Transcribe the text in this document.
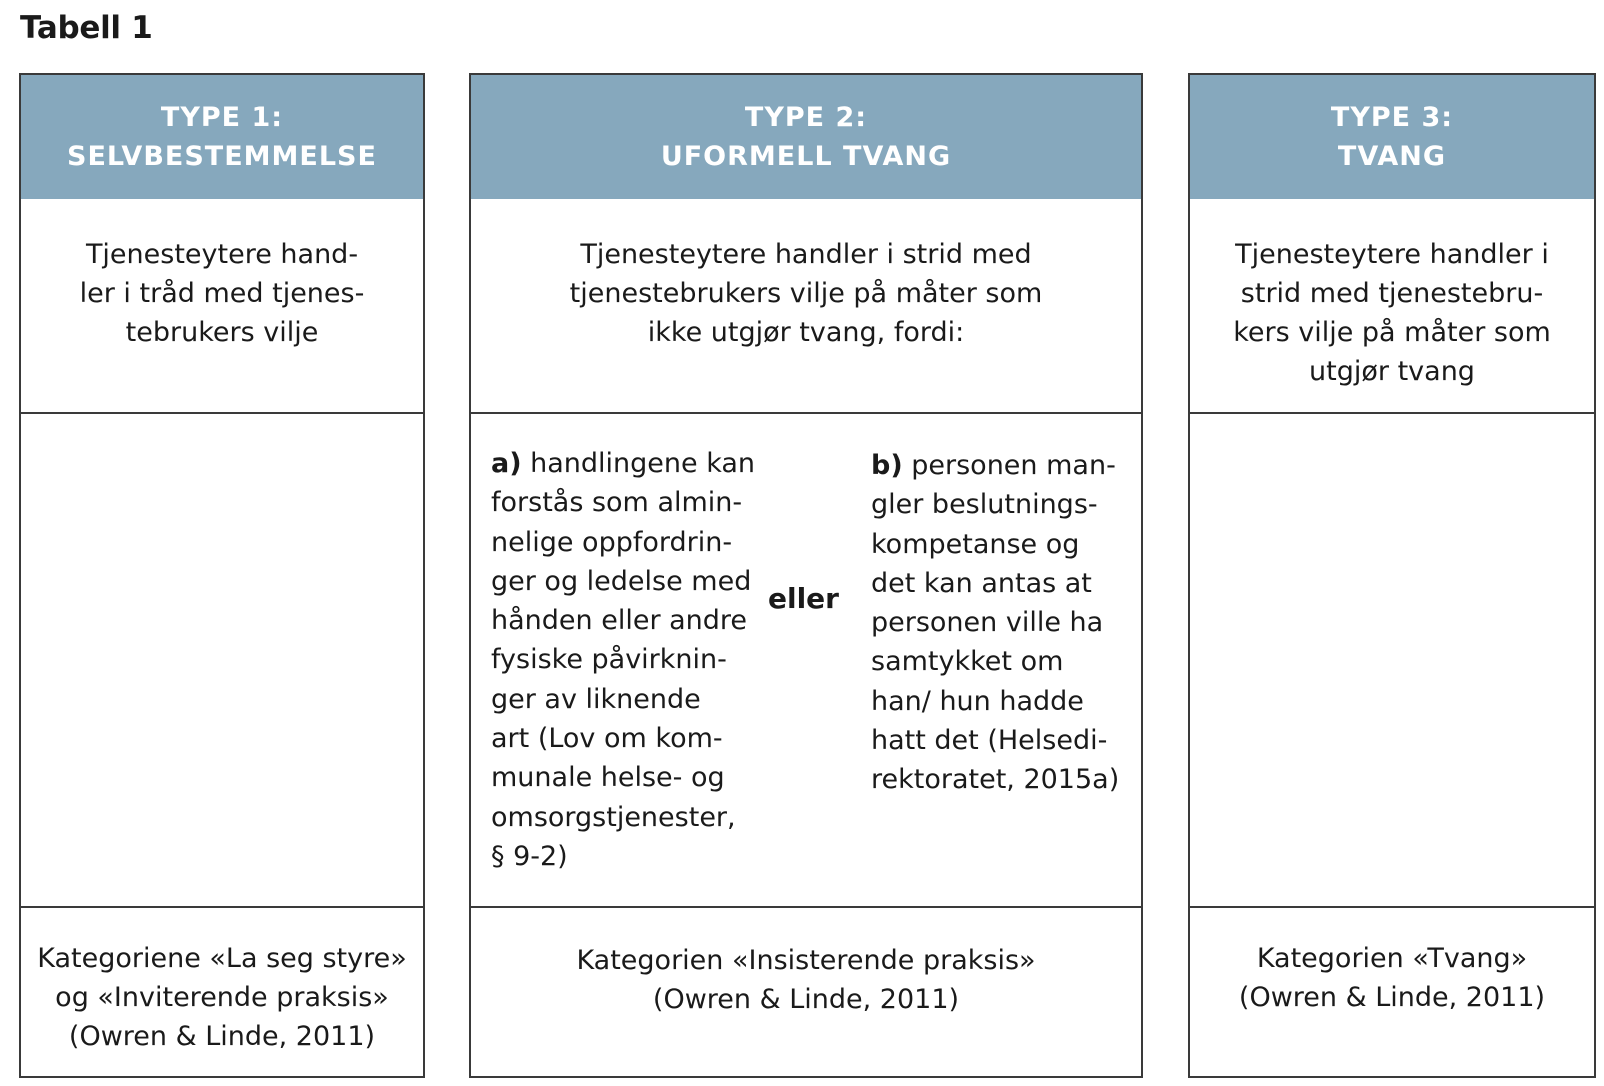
Tabell 1
TYPE 1:
SELVBESTEMMELSE
Tjenesteytere hand-
ler i tråd med tjenes-
tebrukers vilje
Kategoriene «La seg styre»
og «Inviterende praksis»
(Owren & Linde, 2011)
TYPE 2:
UFORMELL TVANG
Tjenesteytere handler i strid med
tjenestebrukers vilje på måter som
ikke utgjør tvang, fordi:
a) handlingene kan
forstås som almin-
nelige oppfordrin-
ger og ledelse med
hånden eller andre
fysiske påvirknin-
ger av liknende
art (Lov om kom-
munale helse- og
omsorgstjenester,
§ 9-2)
eller
b) personen man-
gler beslutnings-
kompetanse og
det kan antas at
personen ville ha
samtykket om
han/ hun hadde
hatt det (Helsedi-
rektoratet, 2015a)
Kategorien «Insisterende praksis»
(Owren & Linde, 2011)
TYPE 3:
TVANG
Tjenesteytere handler i
strid med tjenestebru-
kers vilje på måter som
utgjør tvang
Kategorien «Tvang»
(Owren & Linde, 2011)
